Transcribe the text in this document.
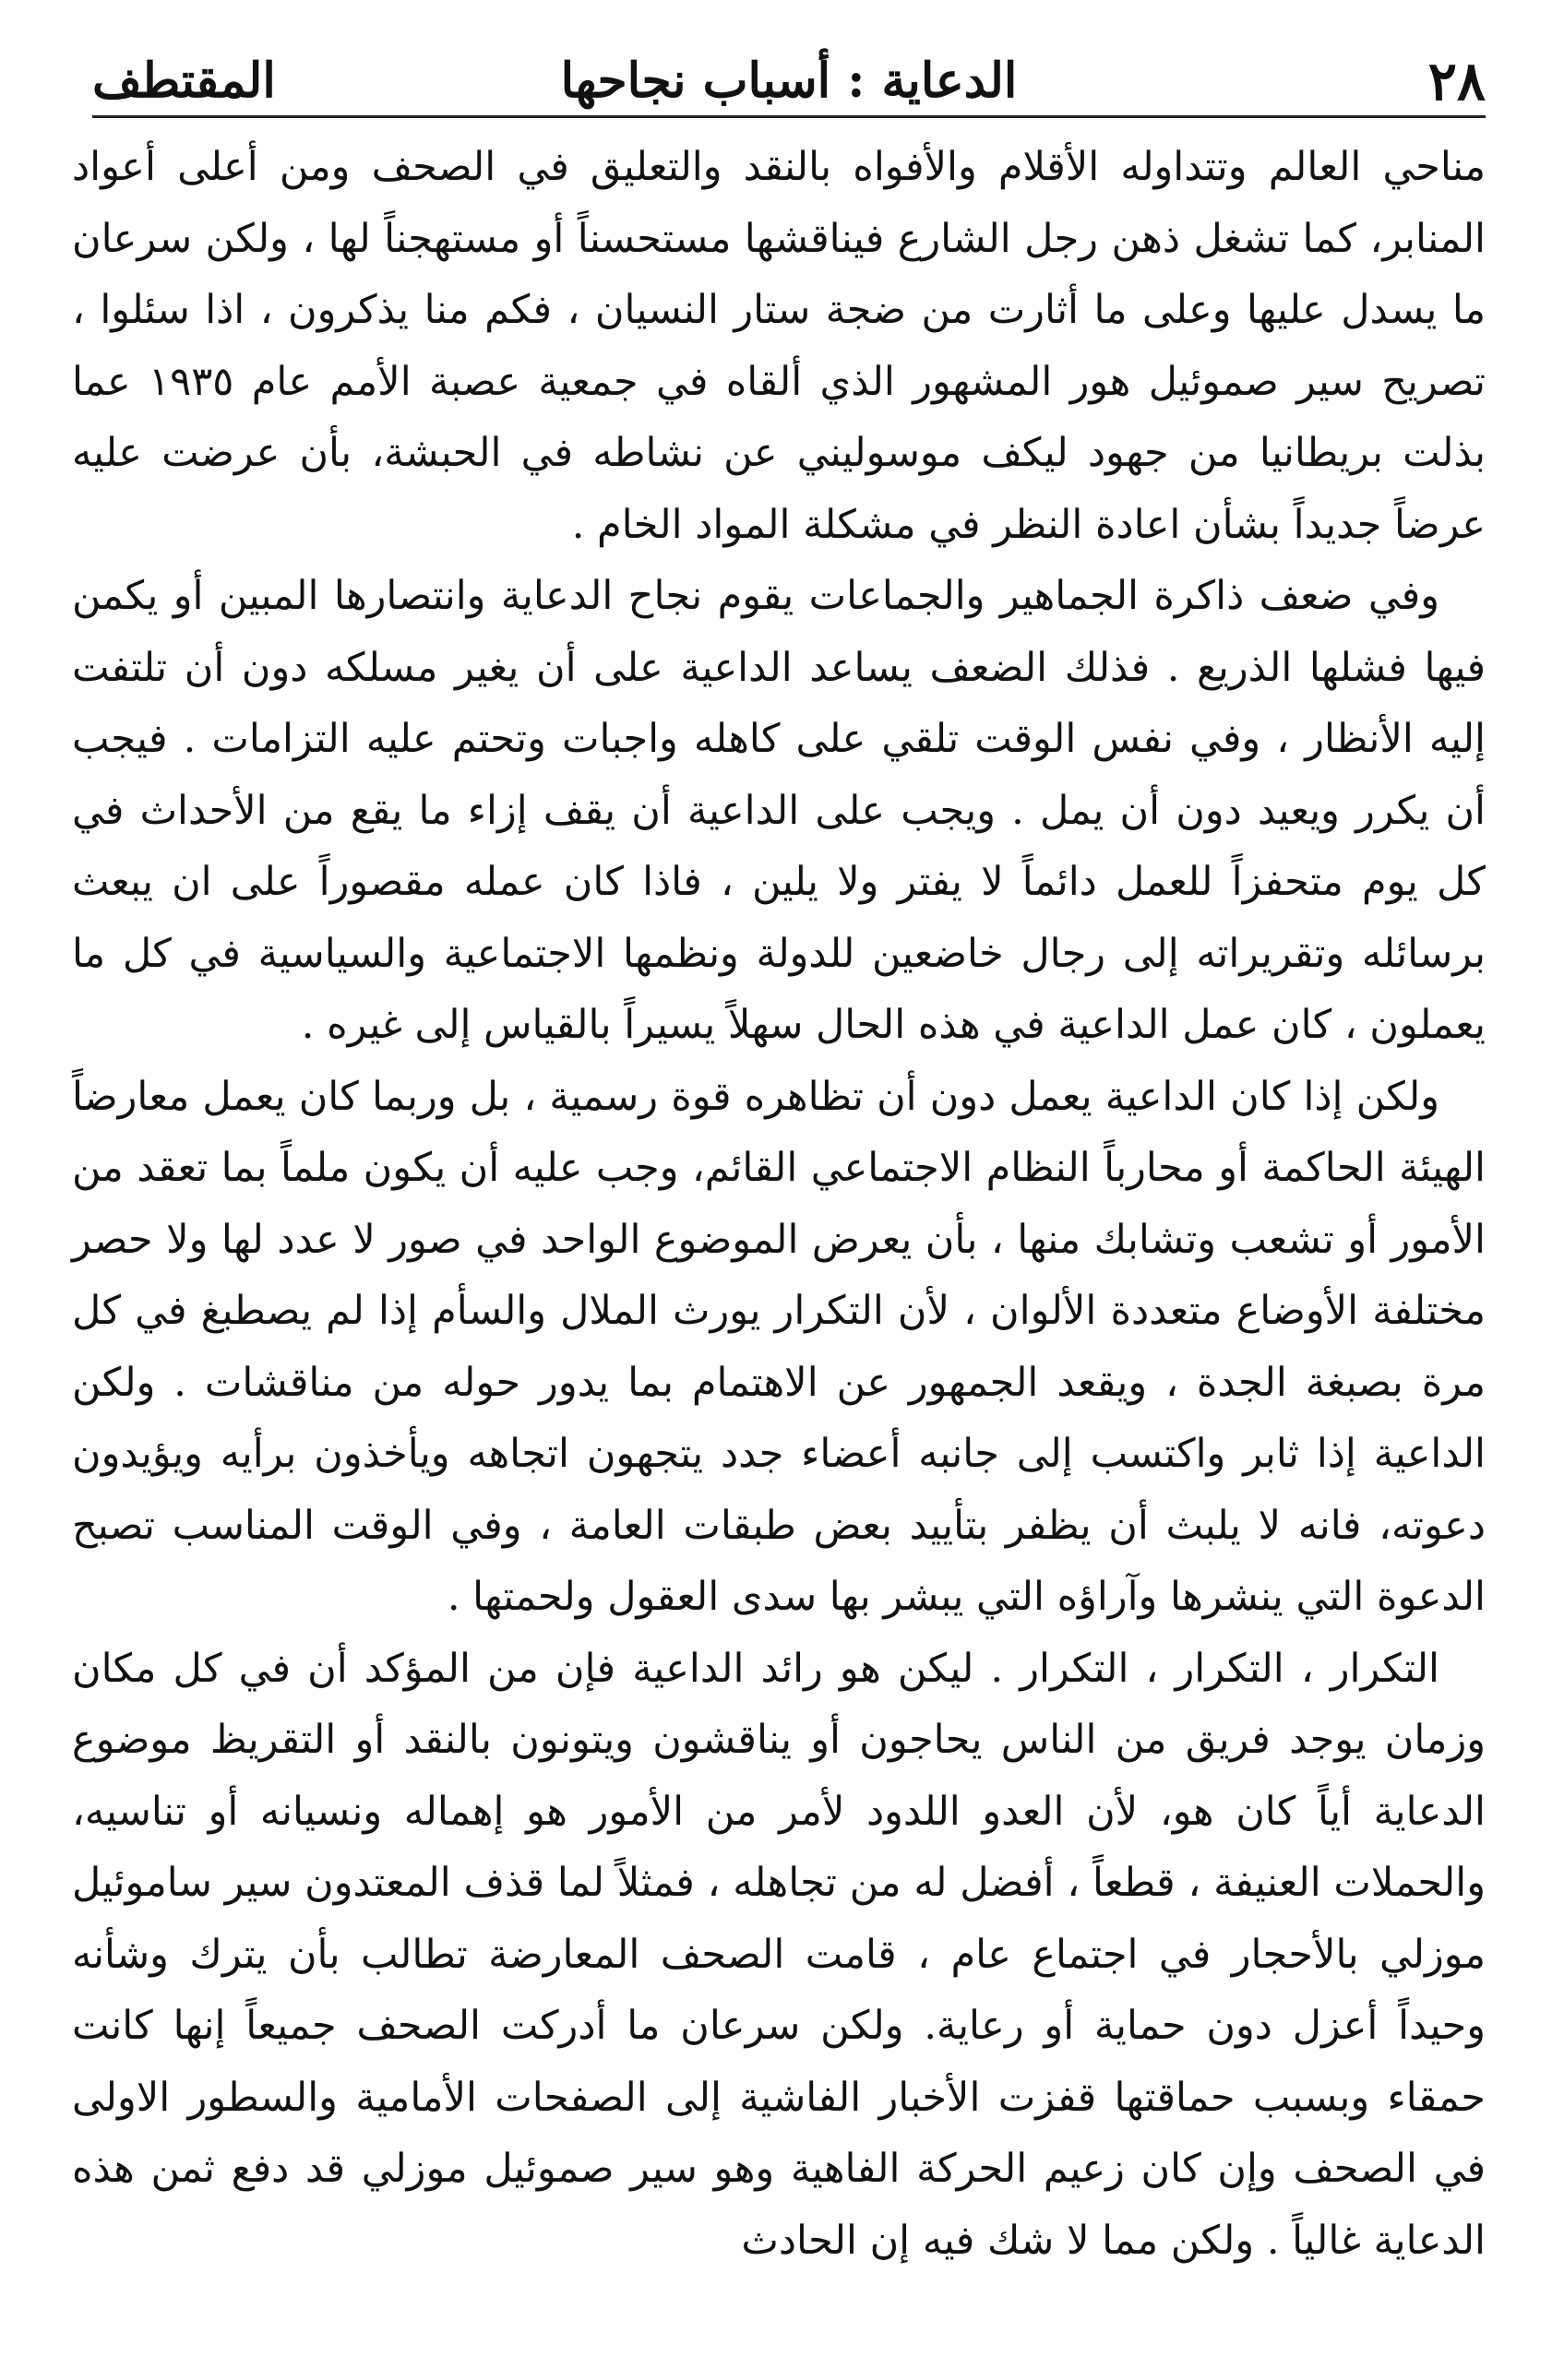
٢٨
الدعاية : أسباب نجاحها
المقتطف

مناحي العالم وتتداوله الأقلام والأفواه بالنقد والتعليق في الصحف ومن أعلى أعواد المنابر، كما تشغل ذهن رجل الشارع فيناقشها مستحسناً أو مستهجناً لها ، ولكن سرعان ما يسدل عليها وعلى ما أثارت من ضجة ستار النسيان ، فكم منا يذكرون ، اذا سئلوا ، تصريح سير صموئيل هور المشهور الذي ألقاه في جمعية عصبة الأمم عام ١٩٣٥ عما بذلت بريطانيا من جهود ليكف موسوليني عن نشاطه في الحبشة، بأن عرضت عليه عرضاً جديداً بشأن اعادة النظر في مشكلة المواد الخام .

وفي ضعف ذاكرة الجماهير والجماعات يقوم نجاح الدعاية وانتصارها المبين أو يكمن فيها فشلها الذريع . فذلك الضعف يساعد الداعية على أن يغير مسلكه دون أن تلتفت إليه الأنظار ، وفي نفس الوقت تلقي على كاهله واجبات وتحتم عليه التزامات . فيجب أن يكرر ويعيد دون أن يمل . ويجب على الداعية أن يقف إزاء ما يقع من الأحداث في كل يوم متحفزاً للعمل دائماً لا يفتر ولا يلين ، فاذا كان عمله مقصوراً على ان يبعث برسائله وتقريراته إلى رجال خاضعين للدولة ونظمها الاجتماعية والسياسية في كل ما يعملون ، كان عمل الداعية في هذه الحال سهلاً يسيراً بالقياس إلى غيره .

ولكن إذا كان الداعية يعمل دون أن تظاهره قوة رسمية ، بل وربما كان يعمل معارضاً الهيئة الحاكمة أو محارباً النظام الاجتماعي القائم، وجب عليه أن يكون ملماً بما تعقد من الأمور أو تشعب وتشابك منها ، بأن يعرض الموضوع الواحد في صور لا عدد لها ولا حصر مختلفة الأوضاع متعددة الألوان ، لأن التكرار يورث الملال والسأم إذا لم يصطبغ في كل مرة بصبغة الجدة ، ويقعد الجمهور عن الاهتمام بما يدور حوله من مناقشات . ولكن الداعية إذا ثابر واكتسب إلى جانبه أعضاء جدد يتجهون اتجاهه ويأخذون برأيه ويؤيدون دعوته، فانه لا يلبث أن يظفر بتأييد بعض طبقات العامة ، وفي الوقت المناسب تصبح الدعوة التي ينشرها وآراؤه التي يبشر بها سدى العقول ولحمتها .

التكرار ، التكرار ، التكرار . ليكن هو رائد الداعية فإن من المؤكد أن في كل مكان وزمان يوجد فريق من الناس يحاجون أو يناقشون ويتونون بالنقد أو التقريظ موضوع الدعاية أياً كان هو، لأن العدو اللدود لأمر من الأمور هو إهماله ونسيانه أو تناسيه، والحملات العنيفة ، قطعاً ، أفضل له من تجاهله ، فمثلاً لما قذف المعتدون سير ساموئيل موزلي بالأحجار في اجتماع عام ، قامت الصحف المعارضة تطالب بأن يترك وشأنه وحيداً أعزل دون حماية أو رعاية. ولكن سرعان ما أدركت الصحف جميعاً إنها كانت حمقاء وبسبب حماقتها قفزت الأخبار الفاشية إلى الصفحات الأمامية والسطور الاولى في الصحف وإن كان زعيم الحركة الفاهية وهو سير صموئيل موزلي قد دفع ثمن هذه الدعاية غالياً . ولكن مما لا شك فيه إن الحادث
